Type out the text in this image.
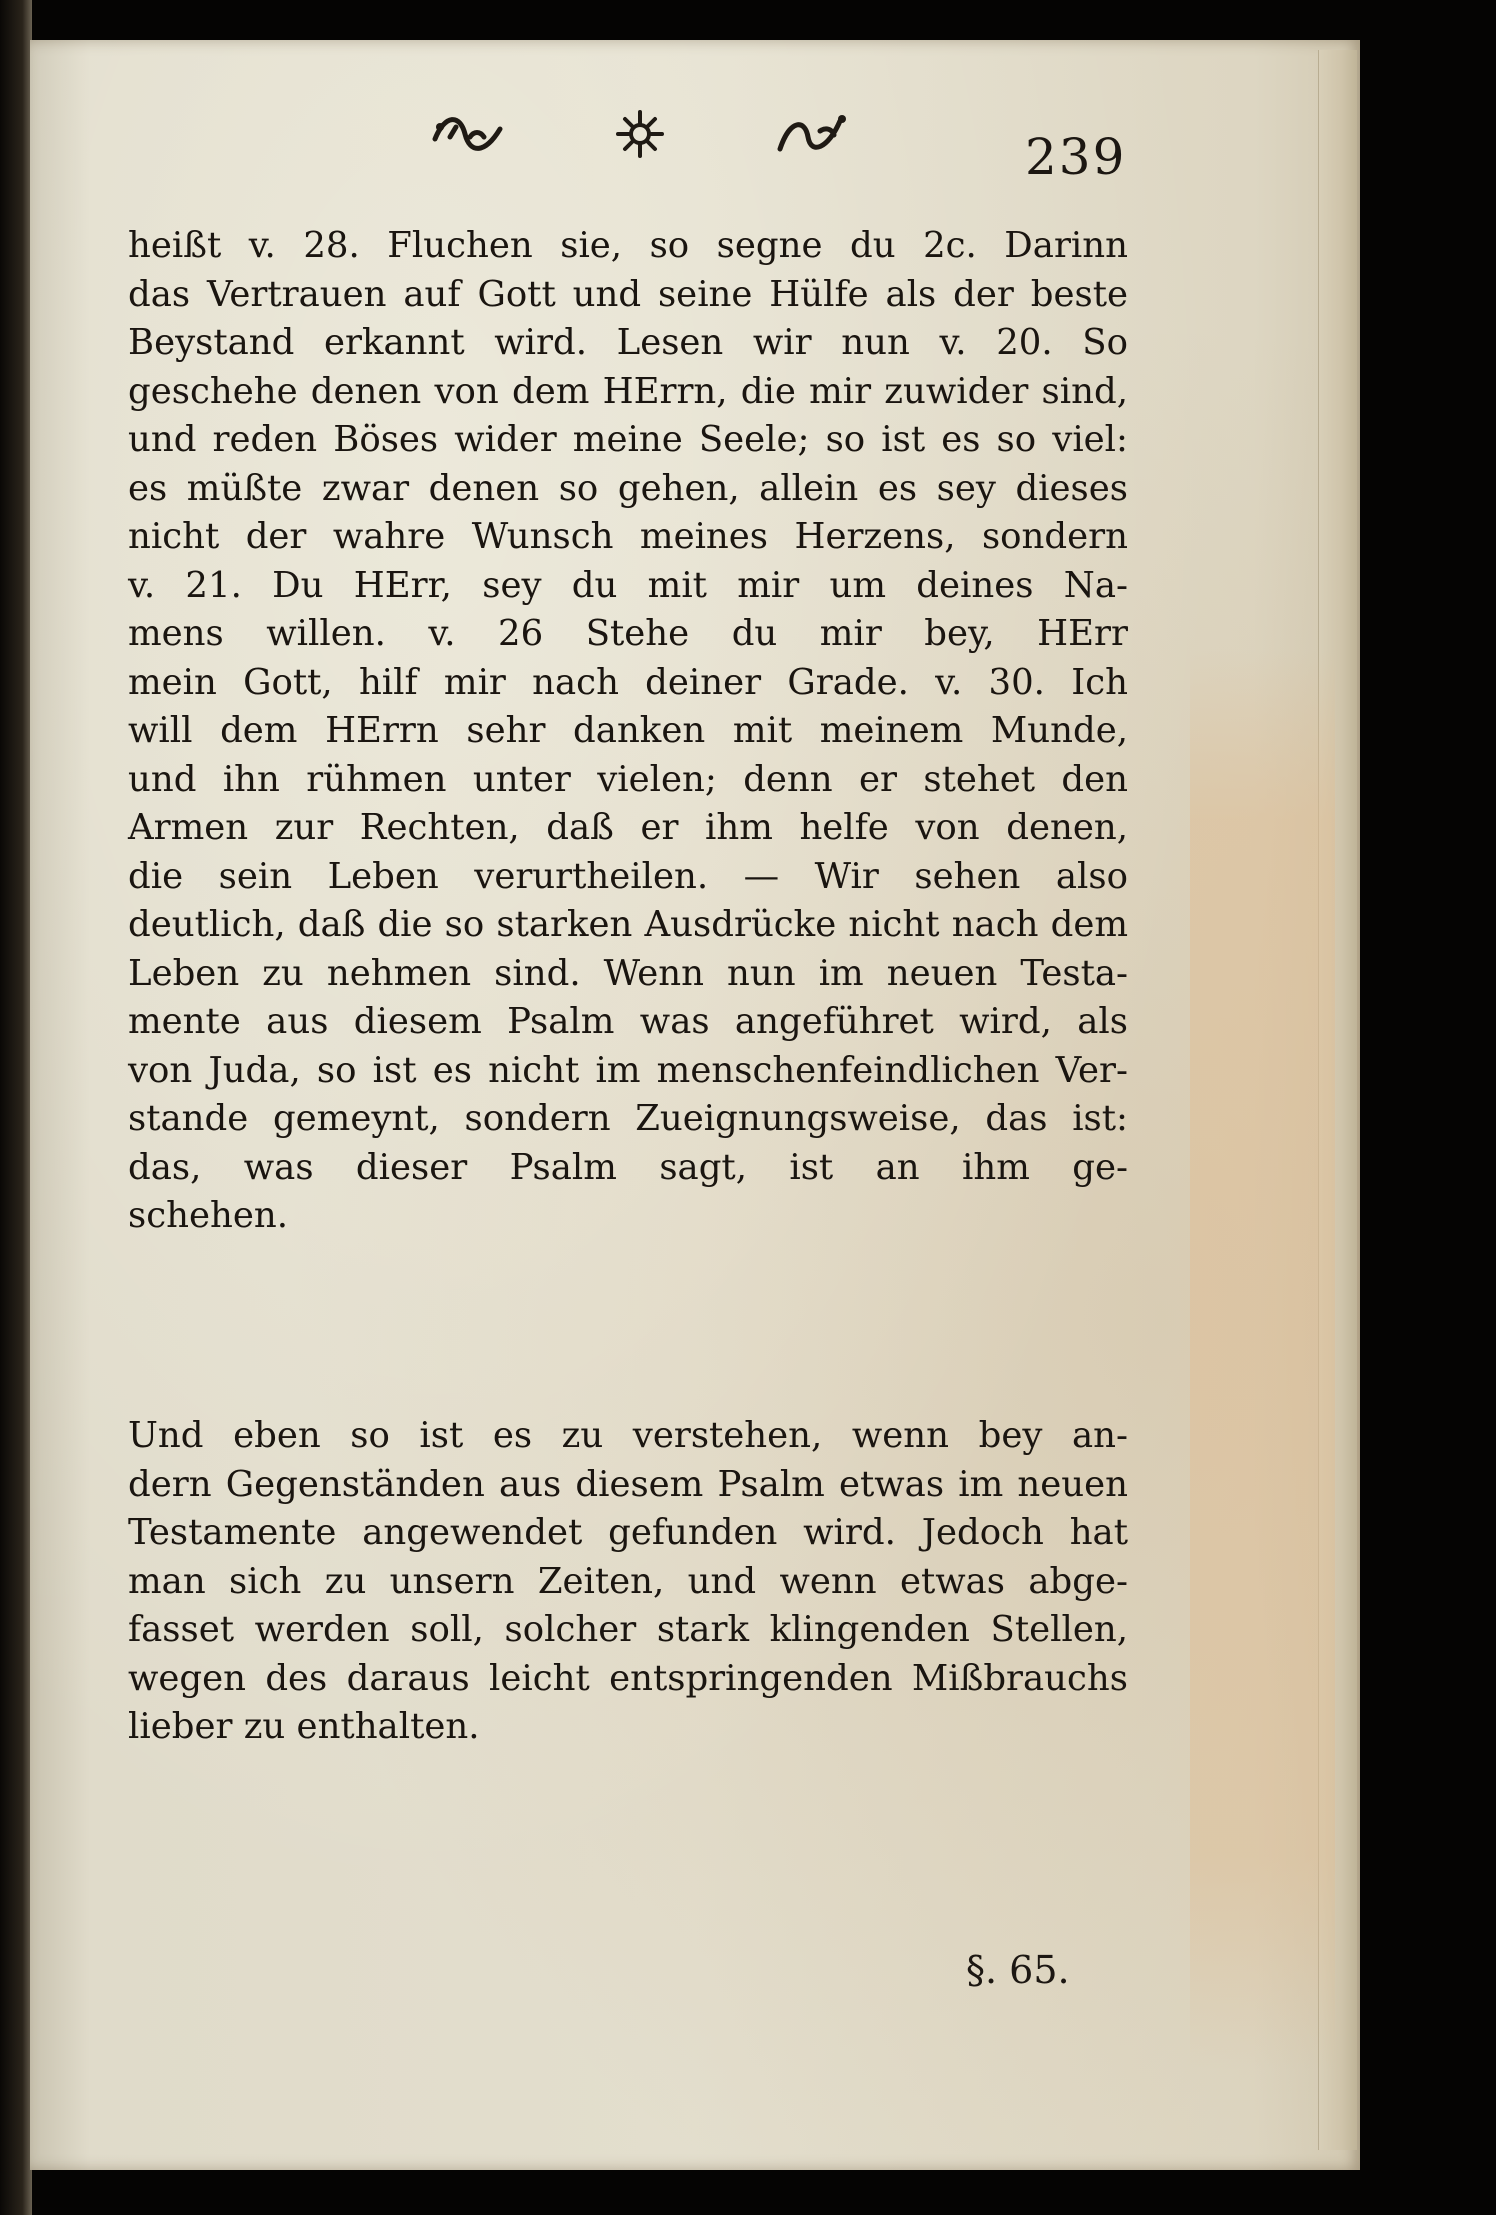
239
heißt v. 28. Fluchen sie, so segne du 2c. Darinn
das Vertrauen auf Gott und seine Hülfe als der beste
Beystand erkannt wird. Lesen wir nun v. 20. So
geschehe denen von dem HErrn, die mir zuwider sind,
und reden Böses wider meine Seele; so ist es so viel:
es müßte zwar denen so gehen, allein es sey dieses
nicht der wahre Wunsch meines Herzens, sondern
v. 21. Du HErr, sey du mit mir um deines Na-
mens willen. v. 26 Stehe du mir bey, HErr
mein Gott, hilf mir nach deiner Grade. v. 30. Ich
will dem HErrn sehr danken mit meinem Munde,
und ihn rühmen unter vielen; denn er stehet den
Armen zur Rechten, daß er ihm helfe von denen,
die sein Leben verurtheilen. — Wir sehen also
deutlich, daß die so starken Ausdrücke nicht nach dem
Leben zu nehmen sind. Wenn nun im neuen Testa-
mente aus diesem Psalm was angeführet wird, als
von Juda, so ist es nicht im menschenfeindlichen Ver-
stande gemeynt, sondern Zueignungsweise, das ist:
das, was dieser Psalm sagt, ist an ihm ge-
schehen.
Und eben so ist es zu verstehen, wenn bey an-
dern Gegenständen aus diesem Psalm etwas im neuen
Testamente angewendet gefunden wird. Jedoch hat
man sich zu unsern Zeiten, und wenn etwas abge-
fasset werden soll, solcher stark klingenden Stellen,
wegen des daraus leicht entspringenden Mißbrauchs
lieber zu enthalten.
§. 65.
